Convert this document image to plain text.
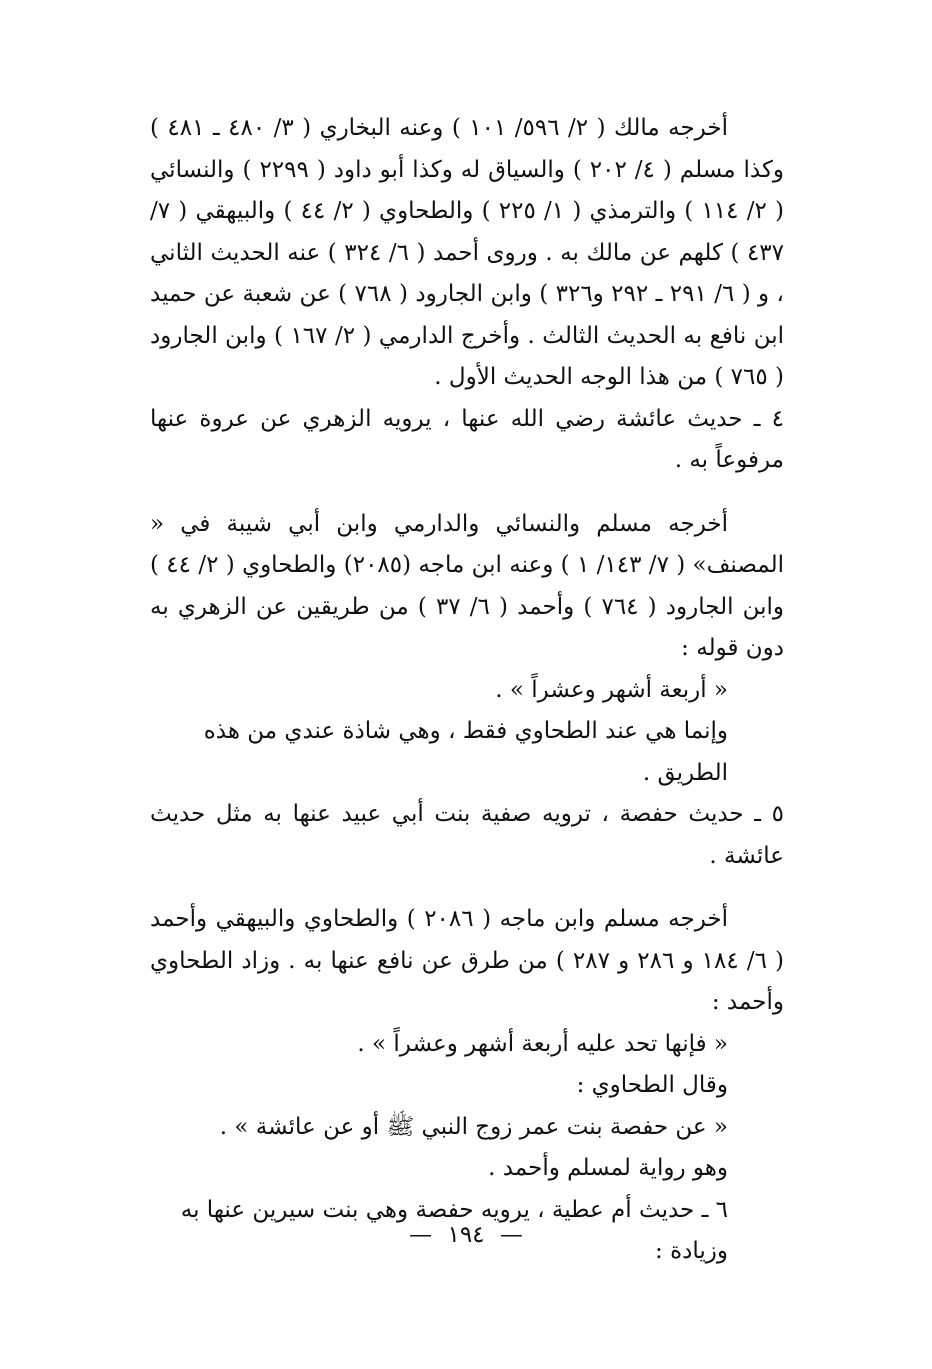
أخرجه مالك ( ٢/ ٥٩٦/ ١٠١ ) وعنه البخاري ( ٣/ ٤٨٠ ـ ٤٨١ ) وكذا مسلم ( ٤/ ٢٠٢ ) والسياق له وكذا أبو داود ( ٢٢٩٩ ) والنسائي ( ٢/ ١١٤ ) والترمذي ( ١/ ٢٢٥ ) والطحاوي ( ٢/ ٤٤ ) والبيهقي ( ٧/ ٤٣٧ ) كلهم عن مالك به . وروى أحمد ( ٦/ ٣٢٤ ) عنه الحديث الثاني ، و ( ٦/ ٢٩١ ـ ٢٩٢ و٣٢٦ ) وابن الجارود ( ٧٦٨ ) عن شعبة عن حميد ابن نافع به الحديث الثالث . وأخرج الدارمي ( ٢/ ١٦٧ ) وابن الجارود ( ٧٦٥ ) من هذا الوجه الحديث الأول .

٤ ـ حديث عائشة رضي الله عنها ، يرويه الزهري عن عروة عنها مرفوعاً به .

أخرجه مسلم والنسائي والدارمي وابن أبي شيبة في « المصنف» ( ٧/ ١٤٣/ ١ ) وعنه ابن ماجه (٢٠٨٥) والطحاوي ( ٢/ ٤٤ ) وابن الجارود ( ٧٦٤ ) وأحمد ( ٦/ ٣٧ ) من طريقين عن الزهري به دون قوله :

« أربعة أشهر وعشراً » .

وإنما هي عند الطحاوي فقط ، وهي شاذة عندي من هذه الطريق .

٥ ـ حديث حفصة ، ترويه صفية بنت أبي عبيد عنها به مثل حديث عائشة .

أخرجه مسلم وابن ماجه ( ٢٠٨٦ ) والطحاوي والبيهقي وأحمد ( ٦/ ١٨٤ و ٢٨٦ و ٢٨٧ ) من طرق عن نافع عنها به . وزاد الطحاوي وأحمد :

« فإنها تحد عليه أربعة أشهر وعشراً » .

وقال الطحاوي :

« عن حفصة بنت عمر زوج النبي ﷺ أو عن عائشة » .

وهو رواية لمسلم وأحمد .

٦ ـ حديث أم عطية ، يرويه حفصة وهي بنت سيرين عنها به وزيادة :

— ١٩٤ —
